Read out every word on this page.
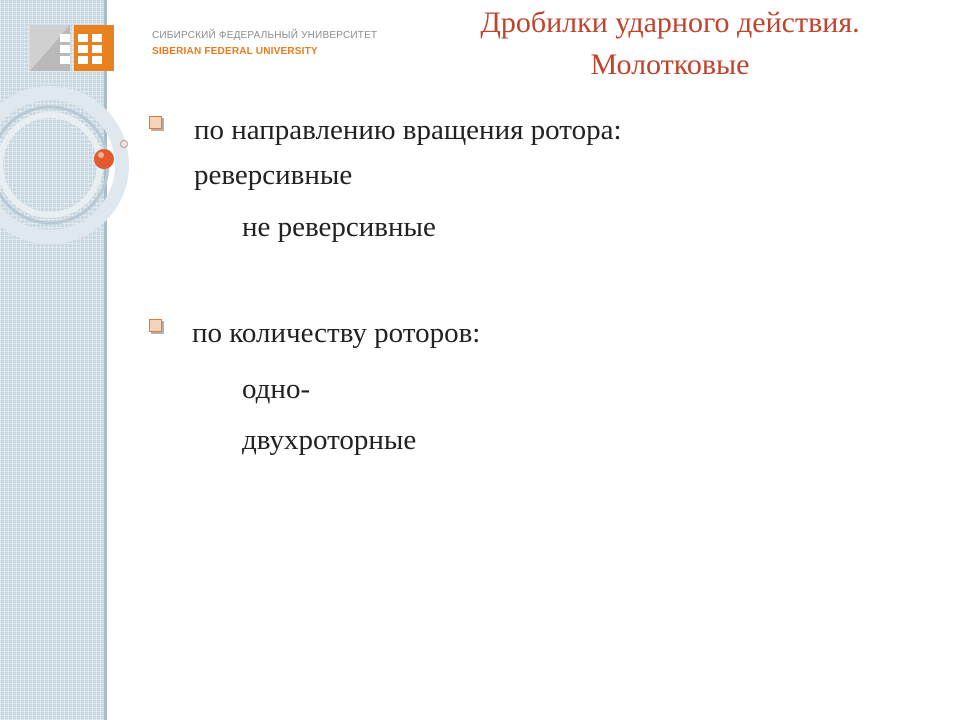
СИБИРСКИЙ ФЕДЕРАЛЬНЫЙ УНИВЕРСИТЕТ
SIBERIAN FEDERAL UNIVERSITY
Дробилки ударного действия.
Молотковые
по направлению вращения ротора:
реверсивные
не реверсивные
по количеству роторов:
одно-
двухроторные
